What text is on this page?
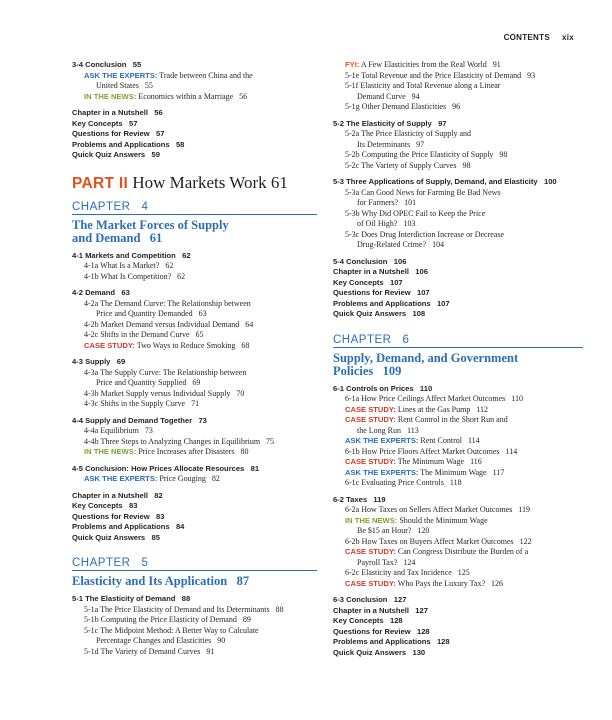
CONTENTS xix
3-4 Conclusion   55
ASK THE EXPERTS: Trade between China and the
United States   55
IN THE NEWS: Economics within a Marriage   56
Chapter in a Nutshell   56
Key Concepts   57
Questions for Review   57
Problems and Applications   58
Quick Quiz Answers   59
PART II How Markets Work 61
CHAPTER   4
The Market Forces of Supply
and Demand   61
4-1 Markets and Competition   62
4-1a What Is a Market?   62
4-1b What Is Competition?   62
4-2 Demand   63
4-2a The Demand Curve: The Relationship between
Price and Quantity Demanded   63
4-2b Market Demand versus Individual Demand   64
4-2c Shifts in the Demand Curve   65
CASE STUDY: Two Ways to Reduce Smoking   68
4-3 Supply   69
4-3a The Supply Curve: The Relationship between
Price and Quantity Supplied   69
4-3b Market Supply versus Individual Supply   70
4-3c Shifts in the Supply Curve   71
4-4 Supply and Demand Together   73
4-4a Equilibrium   73
4-4b Three Steps to Analyzing Changes in Equilibrium   75
IN THE NEWS: Price Increases after Disasters   80
4-5 Conclusion: How Prices Allocate Resources   81
ASK THE EXPERTS: Price Gouging   82
Chapter in a Nutshell   82
Key Concepts   83
Questions for Review   83
Problems and Applications   84
Quick Quiz Answers   85
CHAPTER   5
Elasticity and Its Application   87
5-1 The Elasticity of Demand   88
5-1a The Price Elasticity of Demand and Its Determinants   88
5-1b Computing the Price Elasticity of Demand   89
5-1c The Midpoint Method: A Better Way to Calculate
Percentage Changes and Elasticities   90
5-1d The Variety of Demand Curves   91
FYI: A Few Elasticities from the Real World   91
5-1e Total Revenue and the Price Elasticity of Demand   93
5-1f Elasticity and Total Revenue along a Linear
Demand Curve   94
5-1g Other Demand Elasticities   96
5-2 The Elasticity of Supply   97
5-2a The Price Elasticity of Supply and
Its Determinants   97
5-2b Computing the Price Elasticity of Supply   98
5-2c The Variety of Supply Curves   98
5-3 Three Applications of Supply, Demand, and Elasticity   100
5-3a Can Good News for Farming Be Bad News
for Farmers?   101
5-3b Why Did OPEC Fail to Keep the Price
of Oil High?   103
5-3c Does Drug Interdiction Increase or Decrease
Drug-Related Crime?   104
5-4 Conclusion   106
Chapter in a Nutshell   106
Key Concepts   107
Questions for Review   107
Problems and Applications   107
Quick Quiz Answers   108
CHAPTER   6
Supply, Demand, and Government
Policies   109
6-1 Controls on Prices   110
6-1a How Price Ceilings Affect Market Outcomes   110
CASE STUDY: Lines at the Gas Pump   112
CASE STUDY: Rent Control in the Short Run and
the Long Run   113
ASK THE EXPERTS: Rent Control   114
6-1b How Price Floors Affect Market Outcomes   114
CASE STUDY: The Minimum Wage   116
ASK THE EXPERTS: The Minimum Wage   117
6-1c Evaluating Price Controls   118
6-2 Taxes   119
6-2a How Taxes on Sellers Affect Market Outcomes   119
IN THE NEWS: Should the Minimum Wage
Be $15 an Hour?   120
6-2b How Taxes on Buyers Affect Market Outcomes   122
CASE STUDY: Can Congress Distribute the Burden of a
Payroll Tax?   124
6-2c Elasticity and Tax Incidence   125
CASE STUDY: Who Pays the Luxury Tax?   126
6-3 Conclusion   127
Chapter in a Nutshell   127
Key Concepts   128
Questions for Review   128
Problems and Applications   128
Quick Quiz Answers   130
